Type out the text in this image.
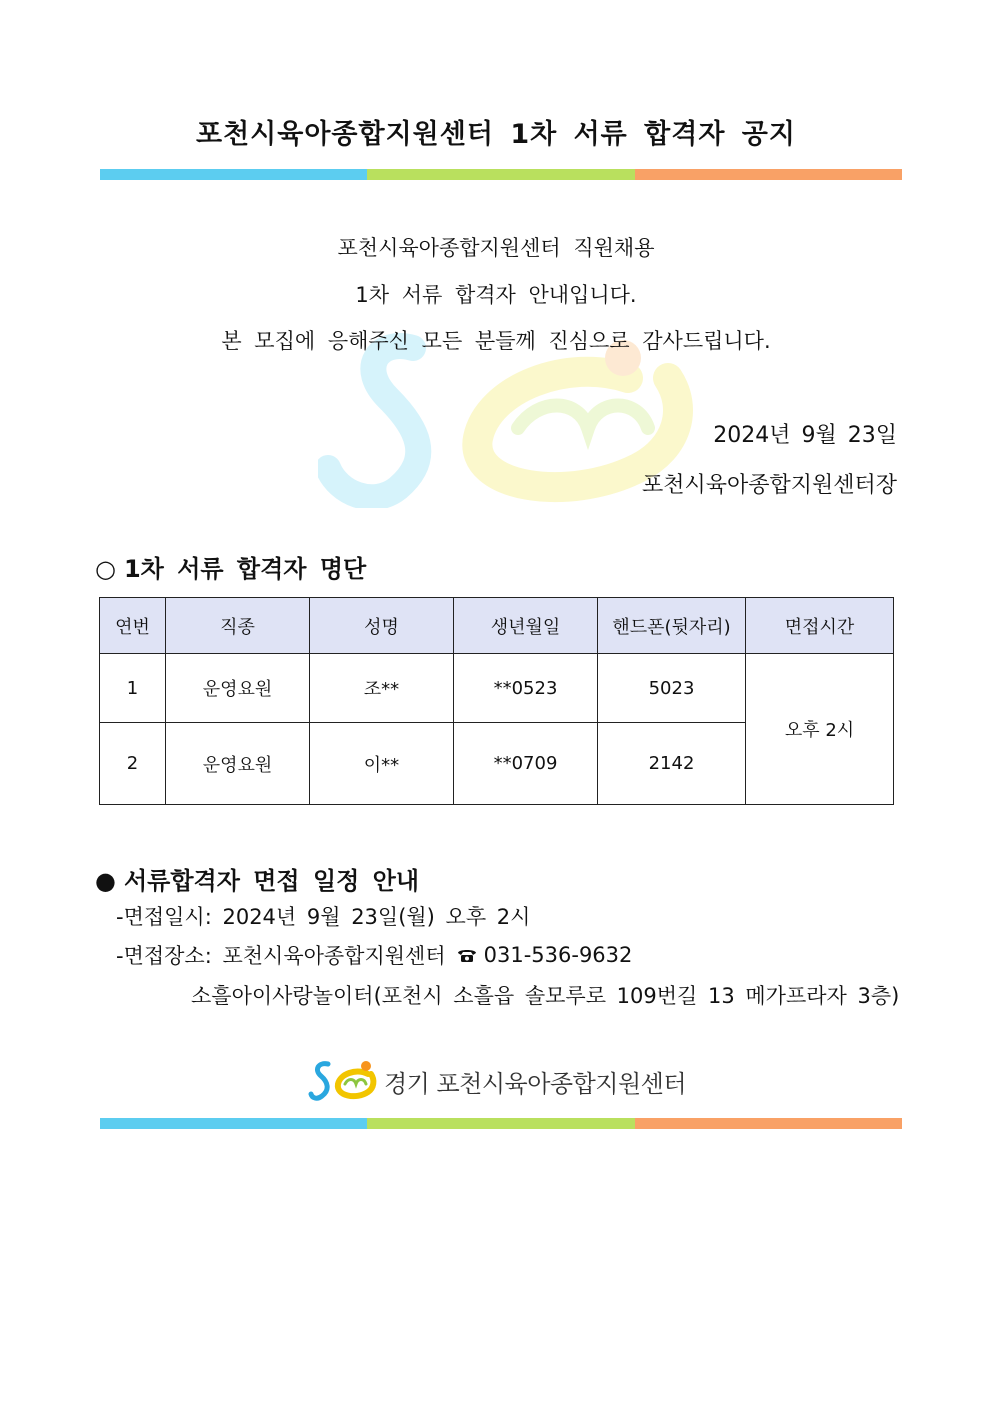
포천시육아종합지원센터 1차 서류 합격자 공지
포천시육아종합지원센터 직원채용
1차 서류 합격자 안내입니다.
본 모집에 응해주신 모든 분들께 진심으로 감사드립니다.
2024년 9월 23일
포천시육아종합지원센터장
○ 1차 서류 합격자 명단
연번	직종	성명	생년월일	핸드폰(뒷자리)	면접시간
1	운영요원	조**	**0523	5023	오후 2시
2	운영요원	이**	**0709	2142	
● 서류합격자 면접 일정 안내
-면접일시: 2024년 9월 23일(월) 오후 2시
-면접장소: 포천시육아종합지원센터 031-536-9632
소흘아이사랑놀이터(포천시 소흘읍 솔모루로 109번길 13 메가프라자 3층)
경기 포천시육아종합지원센터
